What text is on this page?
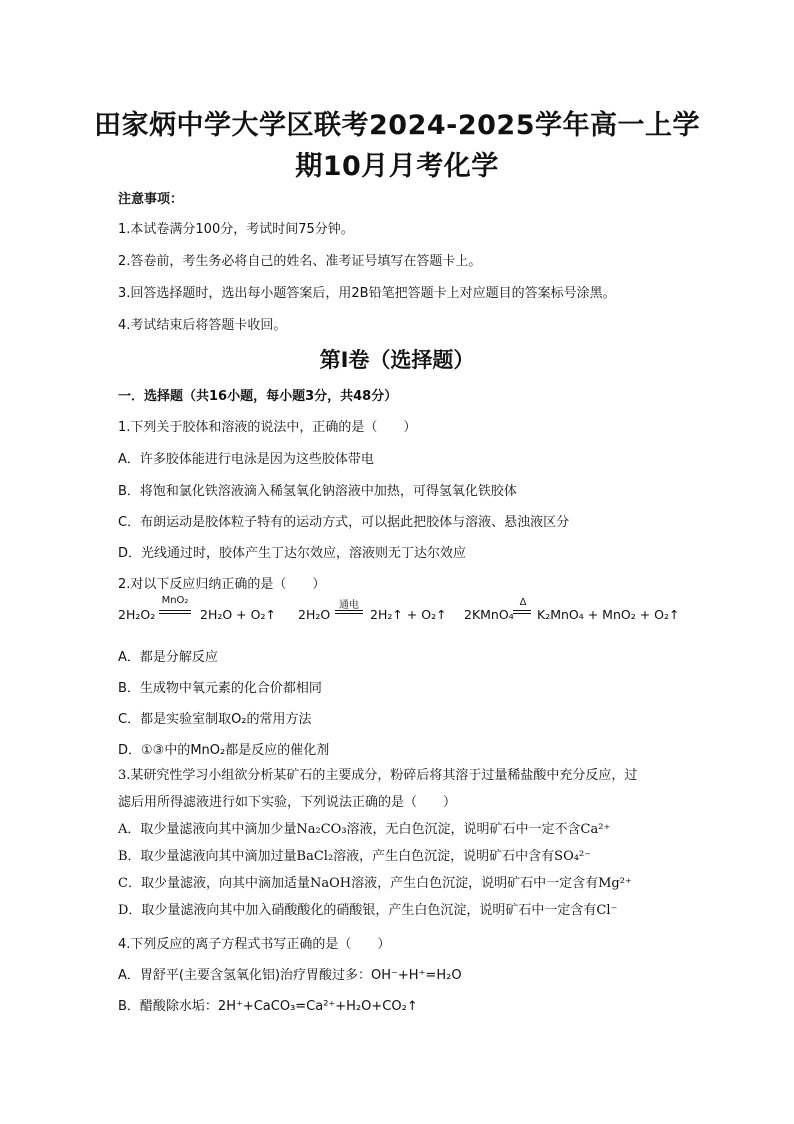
田家炳中学大学区联考2024-2025学年高一上学
期10月月考化学
注意事项：
1.本试卷满分100分，考试时间75分钟。
2.答卷前，考生务必将自己的姓名、准考证号填写在答题卡上。
3.回答选择题时，选出每小题答案后，用2B铅笔把答题卡上对应题目的答案标号涂黑。
4.考试结束后将答题卡收回。
第Ⅰ卷（选择题）
一．选择题（共16小题，每小题3分，共48分）
1.下列关于胶体和溶液的说法中，正确的是（　　）
A．许多胶体能进行电泳是因为这些胶体带电
B．将饱和氯化铁溶液滴入稀氢氧化钠溶液中加热，可得氢氧化铁胶体
C．布朗运动是胶体粒子特有的运动方式，可以据此把胶体与溶液、悬浊液区分
D．光线通过时，胶体产生丁达尔效应，溶液则无丁达尔效应
2.对以下反应归纳正确的是（　　）
2H₂O₂
MnO₂
2H₂O + O₂↑ 2H₂O
通电
2H₂↑ + O₂↑ 2KMnO₄
Δ
K₂MnO₄ + MnO₂ + O₂↑
A．都是分解反应
B．生成物中氧元素的化合价都相同
C．都是实验室制取O₂的常用方法
D．①③中的MnO₂都是反应的催化剂
3.某研究性学习小组欲分析某矿石的主要成分，粉碎后将其溶于过量稀盐酸中充分反应，过
滤后用所得滤液进行如下实验，下列说法正确的是（　　）
A．取少量滤液向其中滴加少量Na₂CO₃溶液，无白色沉淀，说明矿石中一定不含Ca²⁺
B．取少量滤液向其中滴加过量BaCl₂溶液，产生白色沉淀，说明矿石中含有SO₄²⁻
C．取少量滤液，向其中滴加适量NaOH溶液，产生白色沉淀，说明矿石中一定含有Mg²⁺
D．取少量滤液向其中加入硝酸酸化的硝酸银，产生白色沉淀，说明矿石中一定含有Cl⁻
4.下列反应的离子方程式书写正确的是（　　）
A．胃舒平(主要含氢氧化铝)治疗胃酸过多：OH⁻+H⁺=H₂O
B．醋酸除水垢：2H⁺+CaCO₃=Ca²⁺+H₂O+CO₂↑
